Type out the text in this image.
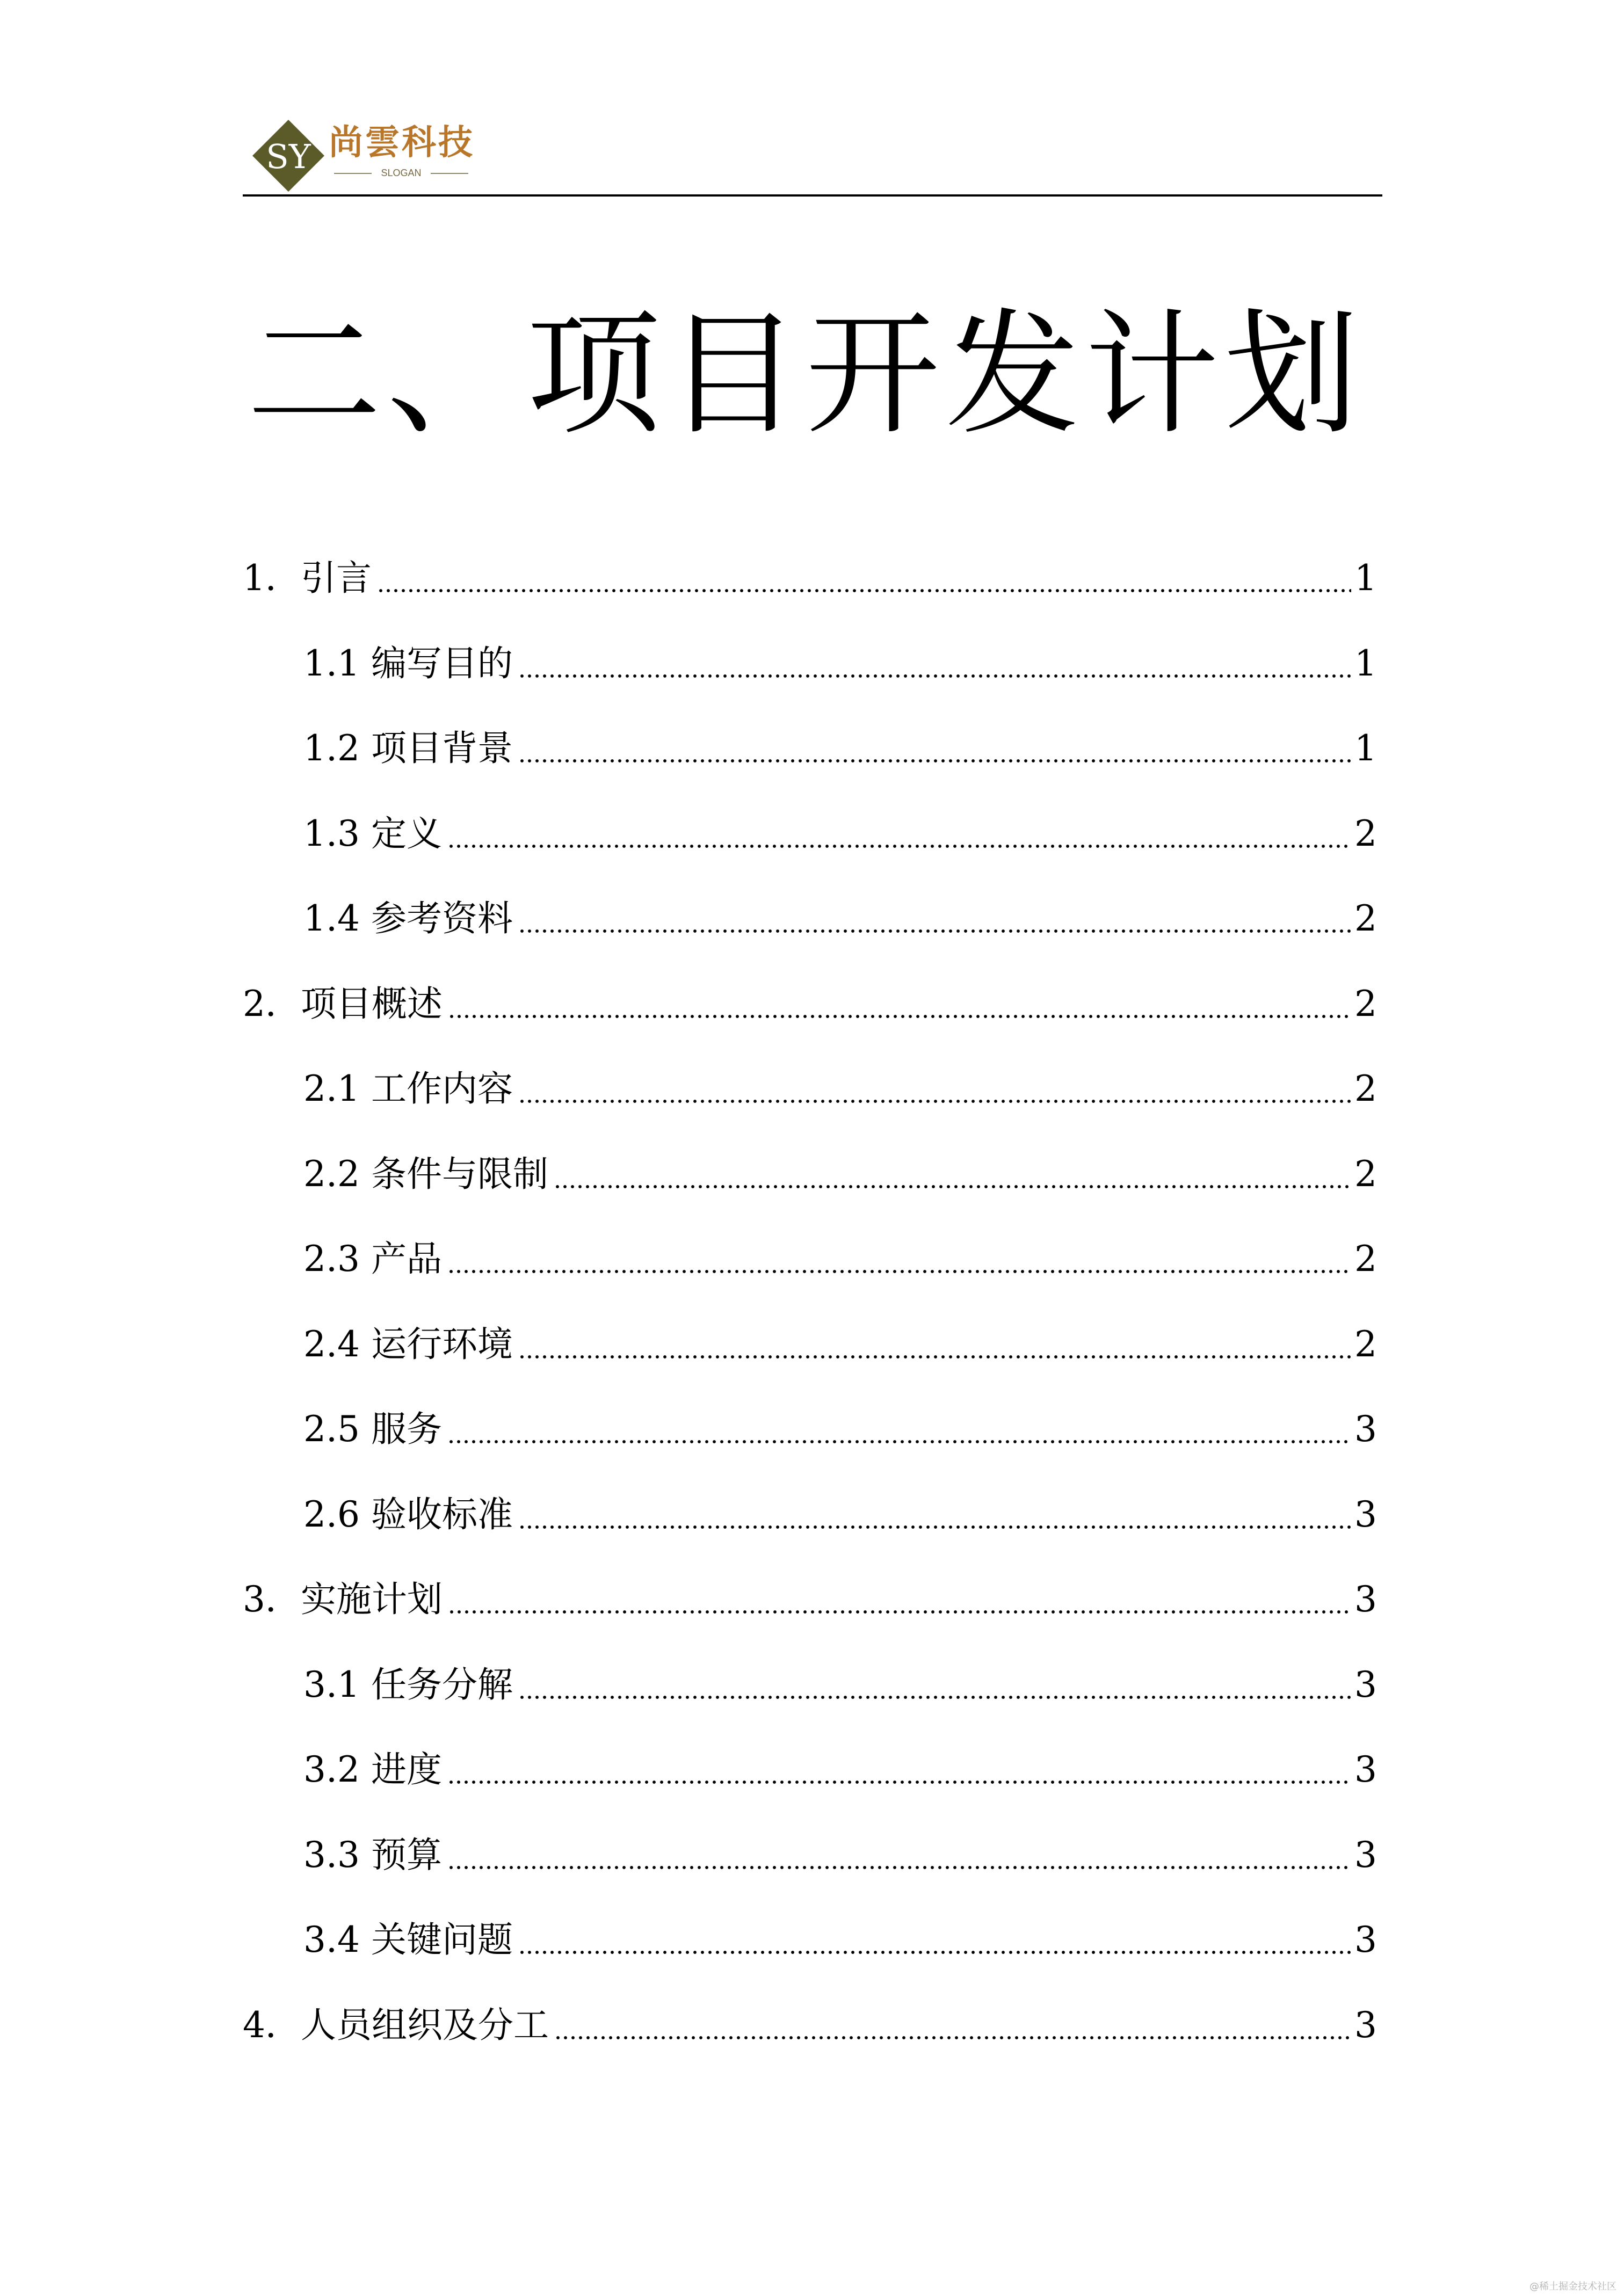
SY 尚雲科技
SLOGAN
二、项目开发计划
1．引言	1
1.1 编写目的	1
1.2 项目背景	1
1.3 定义	2
1.4 参考资料	2
2．项目概述	2
2.1 工作内容	2
2.2 条件与限制	2
2.3 产品	2
2.4 运行环境	2
2.5 服务	3
2.6 验收标准	3
3．实施计划	3
3.1 任务分解	3
3.2 进度	3
3.3 预算	3
3.4 关键问题	3
4．人员组织及分工	3
@稀土掘金技术社区
